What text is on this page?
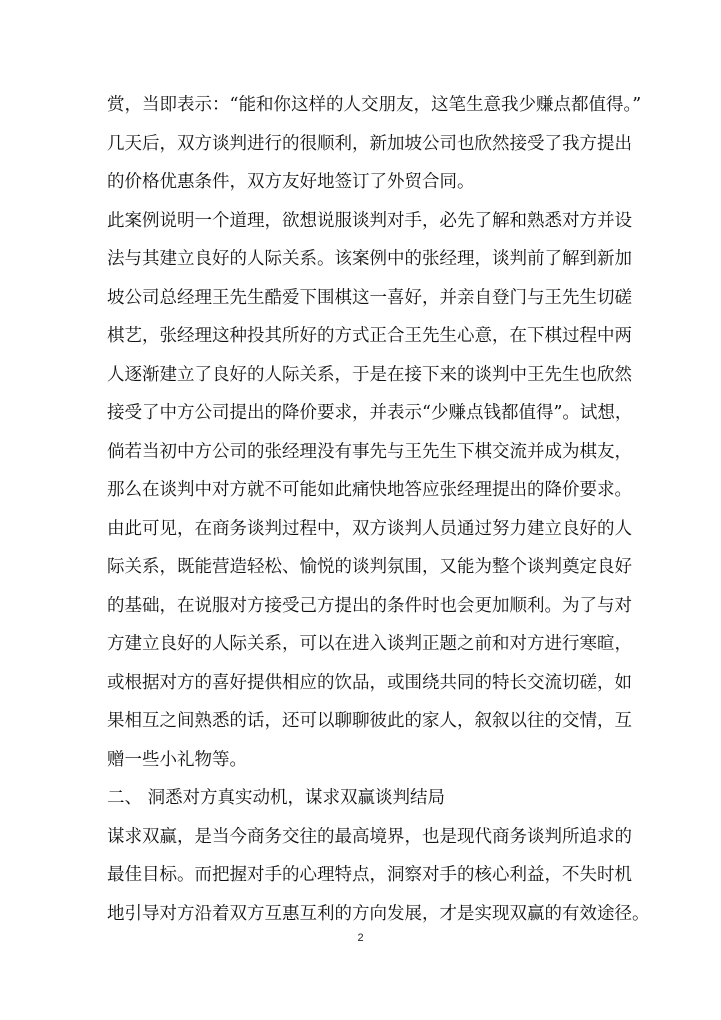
赏，当即表示：“能和你这样的人交朋友，这笔生意我少赚点都值得。”
几天后，双方谈判进行的很顺利，新加坡公司也欣然接受了我方提出
的价格优惠条件，双方友好地签订了外贸合同。
此案例说明一个道理，欲想说服谈判对手，必先了解和熟悉对方并设
法与其建立良好的人际关系。该案例中的张经理，谈判前了解到新加
坡公司总经理王先生酷爱下围棋这一喜好，并亲自登门与王先生切磋
棋艺，张经理这种投其所好的方式正合王先生心意，在下棋过程中两
人逐渐建立了良好的人际关系，于是在接下来的谈判中王先生也欣然
接受了中方公司提出的降价要求，并表示“少赚点钱都值得”。试想，
倘若当初中方公司的张经理没有事先与王先生下棋交流并成为棋友，
那么在谈判中对方就不可能如此痛快地答应张经理提出的降价要求。
由此可见，在商务谈判过程中，双方谈判人员通过努力建立良好的人
际关系，既能营造轻松、愉悦的谈判氛围，又能为整个谈判奠定良好
的基础，在说服对方接受己方提出的条件时也会更加顺利。为了与对
方建立良好的人际关系，可以在进入谈判正题之前和对方进行寒暄，
或根据对方的喜好提供相应的饮品，或围绕共同的特长交流切磋，如
果相互之间熟悉的话，还可以聊聊彼此的家人，叙叙以往的交情，互
赠一些小礼物等。
二、 洞悉对方真实动机，谋求双赢谈判结局
谋求双赢，是当今商务交往的最高境界，也是现代商务谈判所追求的
最佳目标。而把握对手的心理特点，洞察对手的核心利益，不失时机
地引导对方沿着双方互惠互利的方向发展，才是实现双赢的有效途径。
2
